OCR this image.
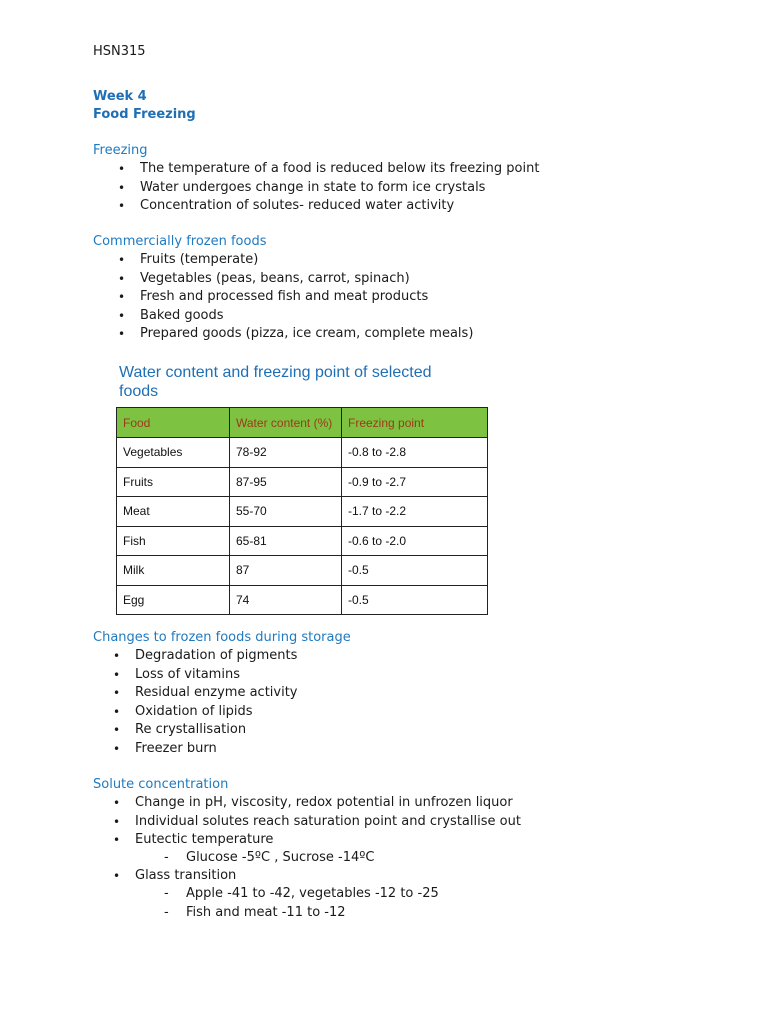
HSN315
Week 4
Food Freezing
Freezing
• The temperature of a food is reduced below its freezing point
• Water undergoes change in state to form ice crystals
• Concentration of solutes- reduced water activity
Commercially frozen foods
• Fruits (temperate)
• Vegetables (peas, beans, carrot, spinach)
• Fresh and processed fish and meat products
• Baked goods
• Prepared goods (pizza, ice cream, complete meals)
Water content and freezing point of selected foods
Food	Water content (%)	Freezing point
Vegetables	78-92	-0.8 to -2.8
Fruits	87-95	-0.9 to -2.7
Meat	55-70	-1.7 to -2.2
Fish	65-81	-0.6 to -2.0
Milk	87	-0.5
Egg	74	-0.5
Changes to frozen foods during storage
• Degradation of pigments
• Loss of vitamins
• Residual enzyme activity
• Oxidation of lipids
• Re crystallisation
• Freezer burn
Solute concentration
• Change in pH, viscosity, redox potential in unfrozen liquor
• Individual solutes reach saturation point and crystallise out
• Eutectic temperature
- Glucose -5ºC , Sucrose -14ºC
• Glass transition
- Apple -41 to -42, vegetables -12 to -25
- Fish and meat -11 to -12
